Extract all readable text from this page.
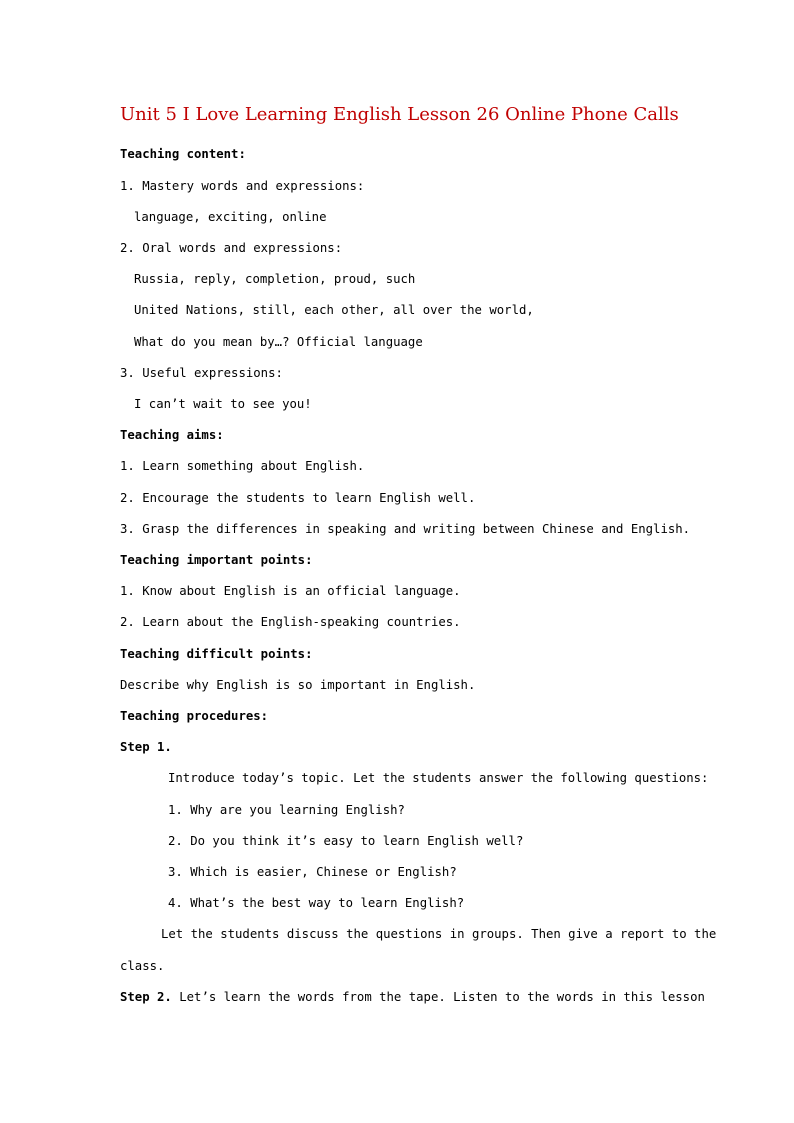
Unit 5 I Love Learning English Lesson 26 Online Phone Calls
Teaching content:
1. Mastery words and expressions:
language, exciting, online
2. Oral words and expressions:
Russia, reply, completion, proud, such
United Nations, still, each other, all over the world,
What do you mean by…? Official language
3. Useful expressions:
I can’t wait to see you!
Teaching aims:
1. Learn something about English.
2. Encourage the students to learn English well.
3. Grasp the differences in speaking and writing between Chinese and English.
Teaching important points:
1. Know about English is an official language.
2. Learn about the English-speaking countries.
Teaching difficult points:
Describe why English is so important in English.
Teaching procedures:
Step 1.
Introduce today’s topic. Let the students answer the following questions:
1. Why are you learning English?
2. Do you think it’s easy to learn English well?
3. Which is easier, Chinese or English?
4. What’s the best way to learn English?
Let the students discuss the questions in groups. Then give a report to the
class.
Step 2. Let’s learn the words from the tape. Listen to the words in this lesson
